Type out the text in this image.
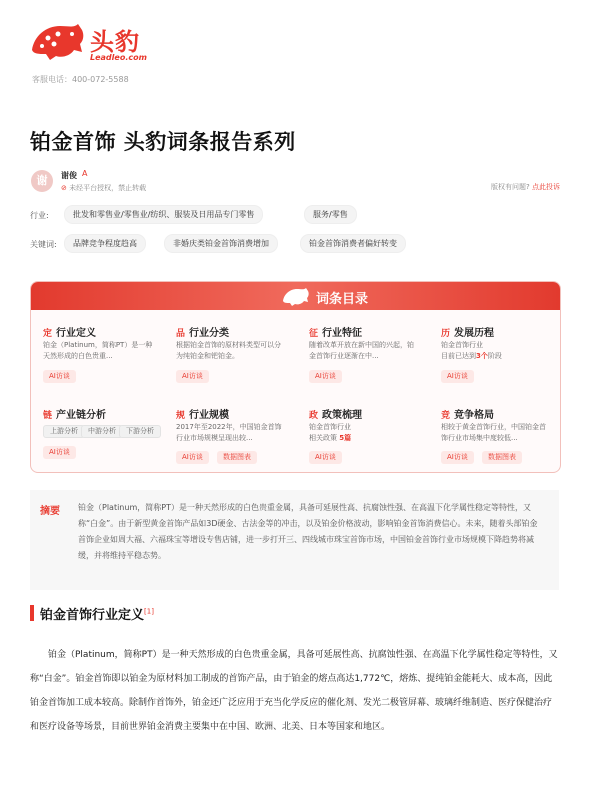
头豹
Leadleo.com
客服电话：400-072-5588
铂金首饰 头豹词条报告系列
谢	谢俊 A
⊘ 未经平台授权，禁止转载	版权有问题? 点此投诉
行业:	批发和零售业/零售业/纺织、服装及日用品专门零售	服务/零售
关键词:	品牌竞争程度趋高	非婚庆类铂金首饰消费增加	铂金首饰消费者偏好转变
词条目录
定 行业定义
铂金（Platinum，简称PT）是一种天然形成的白色贵重...
AI访谈
品 行业分类
根据铂金首饰的原材料类型可以分为纯铂金和钯铂金。
AI访谈
征 行业特征
随着改革开放在新中国的兴起，铂金首饰行业逐渐在中...
AI访谈
历 发展历程
铂金首饰行业
目前已达到3个阶段
AI访谈
链 产业链分析
上游分析	中游分析	下游分析
AI访谈
规 行业规模
2017年至2022年，中国铂金首饰行业市场规模呈现出较...
AI访谈	数据图表
政 政策梳理
铂金首饰行业
相关政策 5篇
AI访谈
竞 竞争格局
相较于黄金首饰行业，中国铂金首饰行业市场集中度较低...
AI访谈	数据图表
摘要 铂金（Platinum，简称PT）是一种天然形成的白色贵重金属，具备可延展性高、抗腐蚀性强、在高温下化学属性稳定等特性，又称“白金”。由于新型黄金首饰产品如3D硬金、古法金等的冲击，以及铂金价格波动，影响铂金首饰消费信心。未来，随着头部铂金首饰企业如周大福、六福珠宝等增设专售店铺，进一步打开三、四线城市珠宝首饰市场，中国铂金首饰行业市场规模下降趋势将减缓，并将维持平稳态势。
铂金首饰行业定义[1]
铂金（Platinum，简称PT）是一种天然形成的白色贵重金属，具备可延展性高、抗腐蚀性强、在高温下化学属性稳定等特性，又称“白金”。铂金首饰即以铂金为原材料加工制成的首饰产品，由于铂金的熔点高达1,772℃，熔炼、提纯铂金能耗大、成本高，因此铂金首饰加工成本较高。除制作首饰外，铂金还广泛应用于充当化学反应的催化剂、发光二极管屏幕、玻璃纤维制造、医疗保健治疗和医疗设备等场景，目前世界铂金消费主要集中在中国、欧洲、北美、日本等国家和地区。
